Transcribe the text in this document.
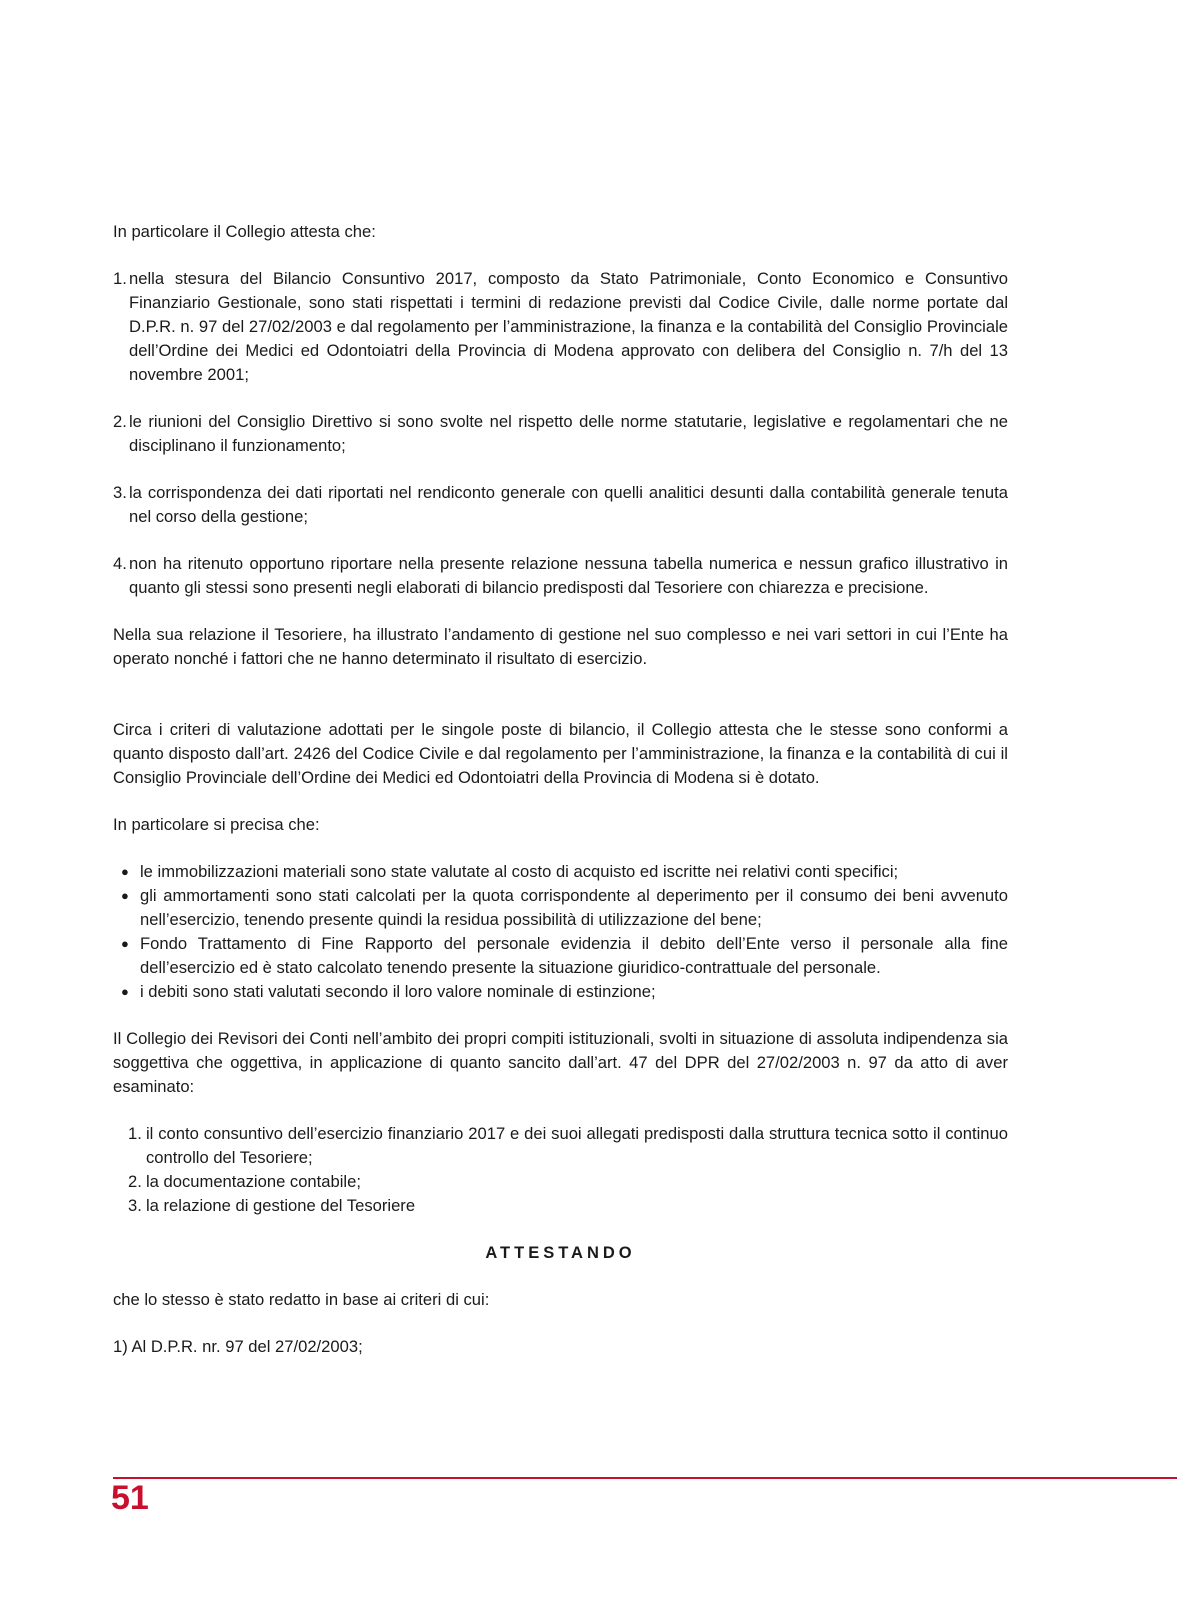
In particolare il Collegio attesta che:

1. nella stesura del Bilancio Consuntivo 2017, composto da Stato Patrimoniale, Conto Economico e Consuntivo Finanziario Gestionale, sono stati rispettati i termini di redazione previsti dal Codice Civile, dalle norme portate dal D.P.R. n. 97 del 27/02/2003 e dal regolamento per l’amministrazione, la finanza e la contabilità del Consiglio Provinciale dell’Ordine dei Medici ed Odontoiatri della Provincia di Modena approvato con delibera del Consiglio n. 7/h del 13 novembre 2001;
2. le riunioni del Consiglio Direttivo si sono svolte nel rispetto delle norme statutarie, legislative e regolamentari che ne disciplinano il funzionamento;
3. la corrispondenza dei dati riportati nel rendiconto generale con quelli analitici desunti dalla contabilità generale tenuta nel corso della gestione;
4. non ha ritenuto opportuno riportare nella presente relazione nessuna tabella numerica e nessun grafico illustrativo in quanto gli stessi sono presenti negli elaborati di bilancio predisposti dal Tesoriere con chiarezza e precisione.

Nella sua relazione il Tesoriere, ha illustrato l’andamento di gestione nel suo complesso e nei vari settori in cui l’Ente ha operato nonché i fattori che ne hanno determinato il risultato di esercizio.

Circa i criteri di valutazione adottati per le singole poste di bilancio, il Collegio attesta che le stesse sono conformi a quanto disposto dall’art. 2426 del Codice Civile e dal regolamento per l’amministrazione, la finanza e la contabilità di cui il Consiglio Provinciale dell’Ordine dei Medici ed Odontoiatri della Provincia di Modena si è dotato.

In particolare si precisa che:

● le immobilizzazioni materiali sono state valutate al costo di acquisto ed iscritte nei relativi conti specifici;
● gli ammortamenti sono stati calcolati per la quota corrispondente al deperimento per il consumo dei beni avvenuto nell’esercizio, tenendo presente quindi la residua possibilità di utilizzazione del bene;
● Fondo Trattamento di Fine Rapporto del personale evidenzia il debito dell’Ente verso il personale alla fine dell’esercizio ed è stato calcolato tenendo presente la situazione giuridico-contrattuale del personale.
● i debiti sono stati valutati secondo il loro valore nominale di estinzione;

Il Collegio dei Revisori dei Conti nell’ambito dei propri compiti istituzionali, svolti in situazione di assoluta indipendenza sia soggettiva che oggettiva, in applicazione di quanto sancito dall’art. 47 del DPR del 27/02/2003 n. 97 da atto di aver esaminato:

1. il conto consuntivo dell’esercizio finanziario 2017 e dei suoi allegati predisposti dalla struttura tecnica sotto il continuo controllo del Tesoriere;
2. la documentazione contabile;
3. la relazione di gestione del Tesoriere
ATTESTANDO

che lo stesso è stato redatto in base ai criteri di cui:

1) Al D.P.R. nr. 97 del 27/02/2003;

51
